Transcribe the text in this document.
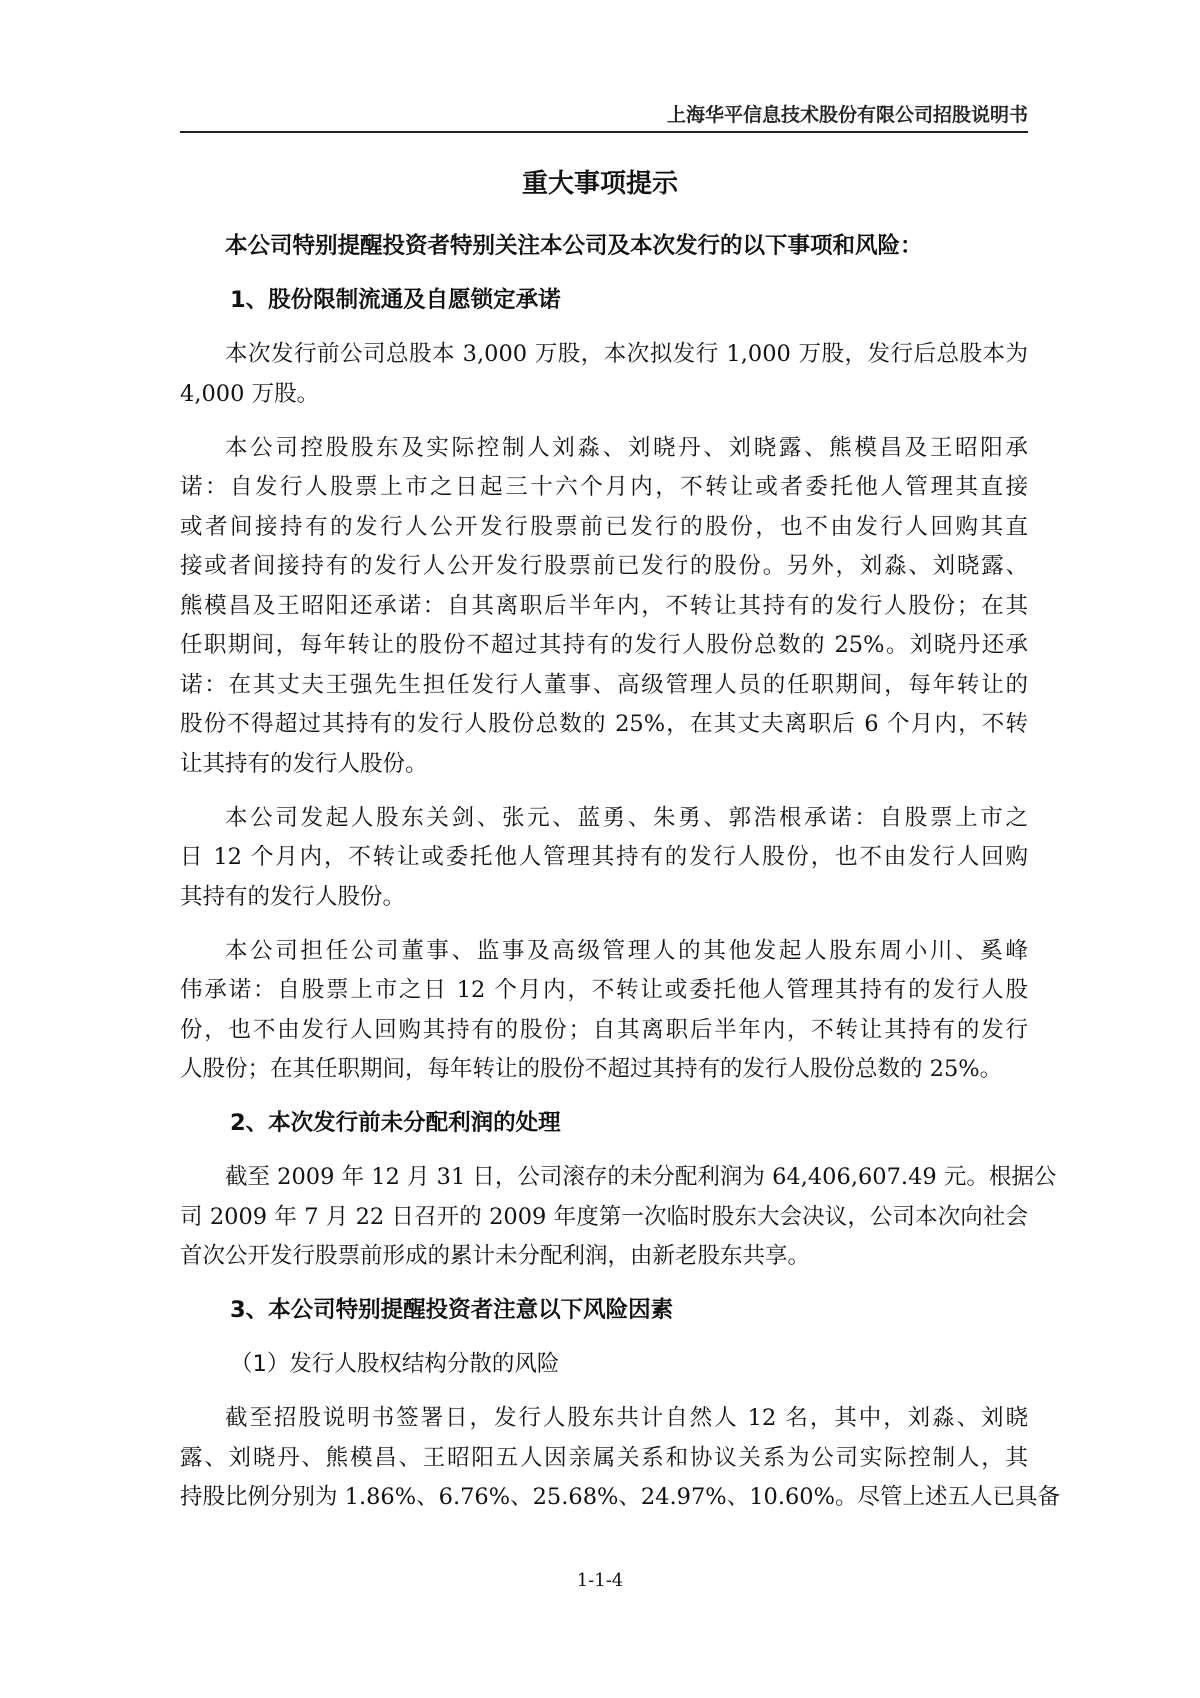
上海华平信息技术股份有限公司招股说明书
重大事项提示
本公司特别提醒投资者特别关注本公司及本次发行的以下事项和风险：
1、股份限制流通及自愿锁定承诺
本次发行前公司总股本 3,000 万股，本次拟发行 1,000 万股，发行后总股本为
4,000 万股。
本公司控股股东及实际控制人刘淼、刘晓丹、刘晓露、熊模昌及王昭阳承
诺：自发行人股票上市之日起三十六个月内，不转让或者委托他人管理其直接
或者间接持有的发行人公开发行股票前已发行的股份，也不由发行人回购其直
接或者间接持有的发行人公开发行股票前已发行的股份。另外，刘淼、刘晓露、
熊模昌及王昭阳还承诺：自其离职后半年内，不转让其持有的发行人股份；在其
任职期间，每年转让的股份不超过其持有的发行人股份总数的 25%。刘晓丹还承
诺：在其丈夫王强先生担任发行人董事、高级管理人员的任职期间，每年转让的
股份不得超过其持有的发行人股份总数的 25%，在其丈夫离职后 6 个月内，不转
让其持有的发行人股份。
本公司发起人股东关剑、张元、蓝勇、朱勇、郭浩根承诺：自股票上市之
日 12 个月内，不转让或委托他人管理其持有的发行人股份，也不由发行人回购
其持有的发行人股份。
本公司担任公司董事、监事及高级管理人的其他发起人股东周小川、奚峰
伟承诺：自股票上市之日 12 个月内，不转让或委托他人管理其持有的发行人股
份，也不由发行人回购其持有的股份；自其离职后半年内，不转让其持有的发行
人股份；在其任职期间，每年转让的股份不超过其持有的发行人股份总数的 25%。
2、本次发行前未分配利润的处理
截至 2009 年 12 月 31 日，公司滚存的未分配利润为 64,406,607.49 元。根据公
司 2009 年 7 月 22 日召开的 2009 年度第一次临时股东大会决议，公司本次向社会
首次公开发行股票前形成的累计未分配利润，由新老股东共享。
3、本公司特别提醒投资者注意以下风险因素
（1）发行人股权结构分散的风险
截至招股说明书签署日，发行人股东共计自然人 12 名，其中，刘淼、刘晓
露、刘晓丹、熊模昌、王昭阳五人因亲属关系和协议关系为公司实际控制人，其
持股比例分别为 1.86%、6.76%、25.68%、24.97%、10.60%。尽管上述五人已具备
1-1-4
